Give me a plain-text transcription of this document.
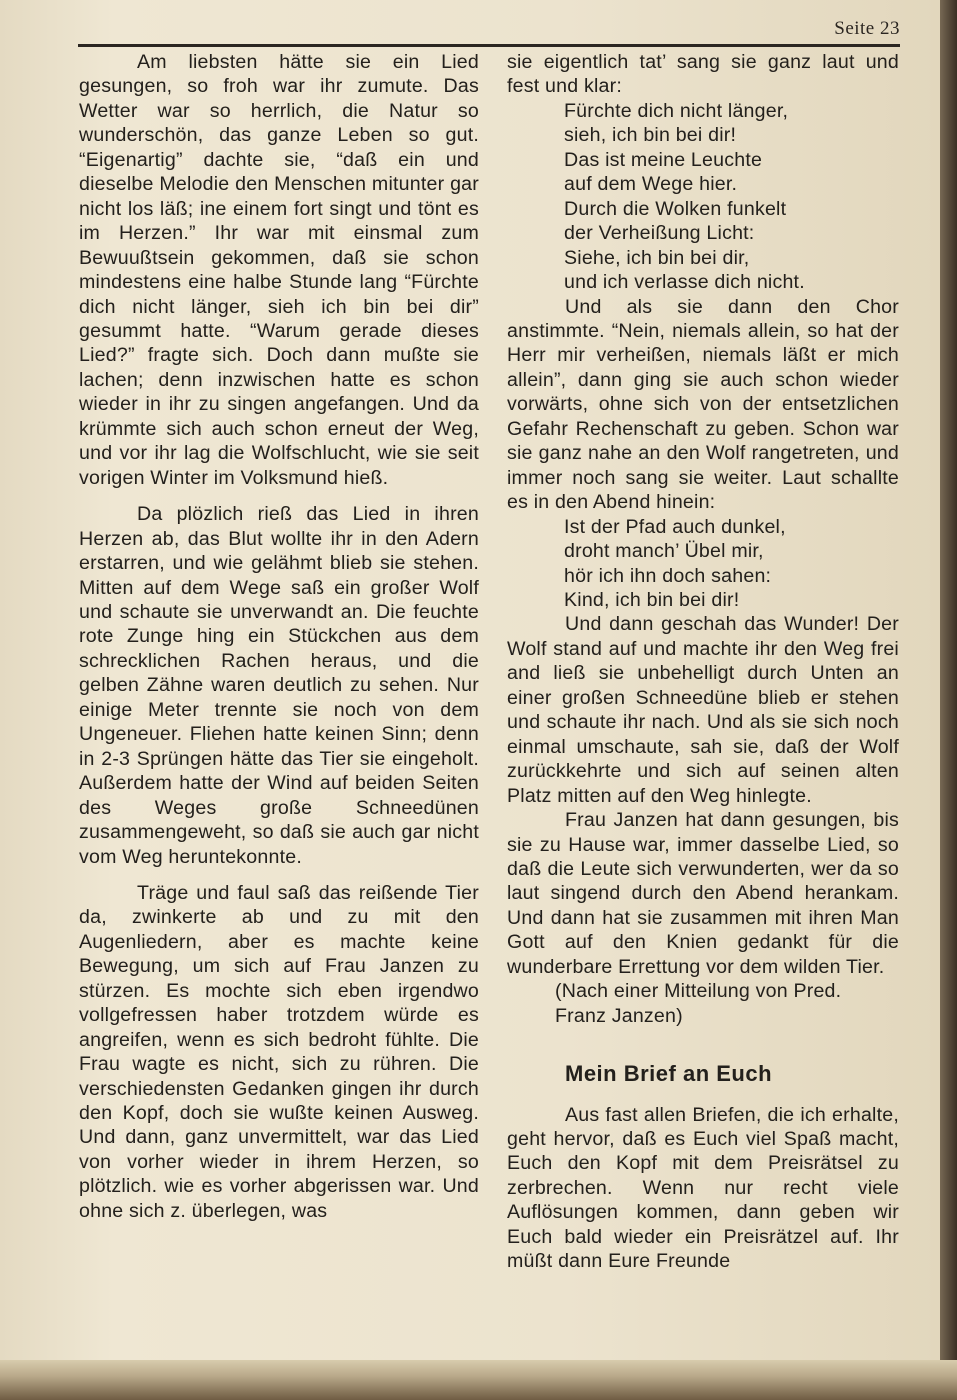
Seite 23

Am liebsten hätte sie ein Lied gesungen, so froh war ihr zumute. Das Wetter war so herrlich, die Natur so wunderschön, das ganze Leben so gut. “Eigenartig” dachte sie, “daß ein und dieselbe Melodie den Menschen mitunter gar nicht los läß; ine einem fort singt und tönt es im Herzen.” Ihr war mit einsmal zum Bewuußtsein gekommen, daß sie schon mindestens eine halbe Stunde lang “Fürchte dich nicht länger, sieh ich bin bei dir” gesummt hatte. “Warum gerade dieses Lied?” fragte sich. Doch dann mußte sie lachen; denn inzwischen hatte es schon wieder in ihr zu singen angefangen. Und da krümmte sich auch schon erneut der Weg, und vor ihr lag die Wolfschlucht, wie sie seit vorigen Winter im Volksmund hieß.

Da plözlich rieß das Lied in ihren Herzen ab, das Blut wollte ihr in den Adern erstarren, und wie gelähmt blieb sie stehen. Mitten auf dem Wege saß ein großer Wolf und schaute sie unverwandt an. Die feuchte rote Zunge hing ein Stückchen aus dem schrecklichen Rachen heraus, und die gelben Zähne waren deutlich zu sehen. Nur einige Meter trennte sie noch von dem Ungeneuer. Fliehen hatte keinen Sinn; denn in 2-3 Sprüngen hätte das Tier sie eingeholt. Außerdem hatte der Wind auf beiden Seiten des Weges große Schneedünen zusammengeweht, so daß sie auch gar nicht vom Weg heruntekonnte.

Träge und faul saß das reißende Tier da, zwinkerte ab und zu mit den Augenliedern, aber es machte keine Bewegung, um sich auf Frau Janzen zu stürzen. Es mochte sich eben irgendwo vollgefressen haber trotzdem würde es angreifen, wenn es sich bedroht fühlte. Die Frau wagte es nicht, sich zu rühren. Die verschiedensten Gedanken gingen ihr durch den Kopf, doch sie wußte keinen Ausweg. Und dann, ganz unvermittelt, war das Lied von vorher wieder in ihrem Herzen, so plötzlich. wie es vorher abgerissen war. Und ohne sich z. überlegen, was

sie eigentlich tat’ sang sie ganz laut und fest und klar:

Fürchte dich nicht länger,
sieh, ich bin bei dir!
Das ist meine Leuchte
auf dem Wege hier.
Durch die Wolken funkelt
der Verheißung Licht:
Siehe, ich bin bei dir,
und ich verlasse dich nicht.

Und als sie dann den Chor anstimmte. “Nein, niemals allein, so hat der Herr mir verheißen, niemals läßt er mich allein”, dann ging sie auch schon wieder vorwärts, ohne sich von der entsetzlichen Gefahr Rechenschaft zu geben. Schon war sie ganz nahe an den Wolf rangetreten, und immer noch sang sie weiter. Laut schallte es in den Abend hinein:

Ist der Pfad auch dunkel,
droht manch’ Übel mir,
hör ich ihn doch sahen:
Kind, ich bin bei dir!

Und dann geschah das Wunder! Der Wolf stand auf und machte ihr den Weg frei and ließ sie unbehelligt durch Unten an einer großen Schneedüne blieb er stehen und schaute ihr nach. Und als sie sich noch einmal umschaute, sah sie, daß der Wolf zurückkehrte und sich auf seinen alten Platz mitten auf den Weg hinlegte.

Frau Janzen hat dann gesungen, bis sie zu Hause war, immer dasselbe Lied, so daß die Leute sich verwunderten, wer da so laut singend durch den Abend herankam. Und dann hat sie zusammen mit ihren Man Gott auf den Knien gedankt für die wunderbare Errettung vor dem wilden Tier.

(Nach einer Mitteilung von Pred.
Franz Janzen)

Mein Brief an Euch

Aus fast allen Briefen, die ich erhalte, geht hervor, daß es Euch viel Spaß macht, Euch den Kopf mit dem Preisrätsel zu zerbrechen. Wenn nur recht viele Auflösungen kommen, dann geben wir Euch bald wieder ein Preisrätzel auf. Ihr müßt dann Eure Freunde
